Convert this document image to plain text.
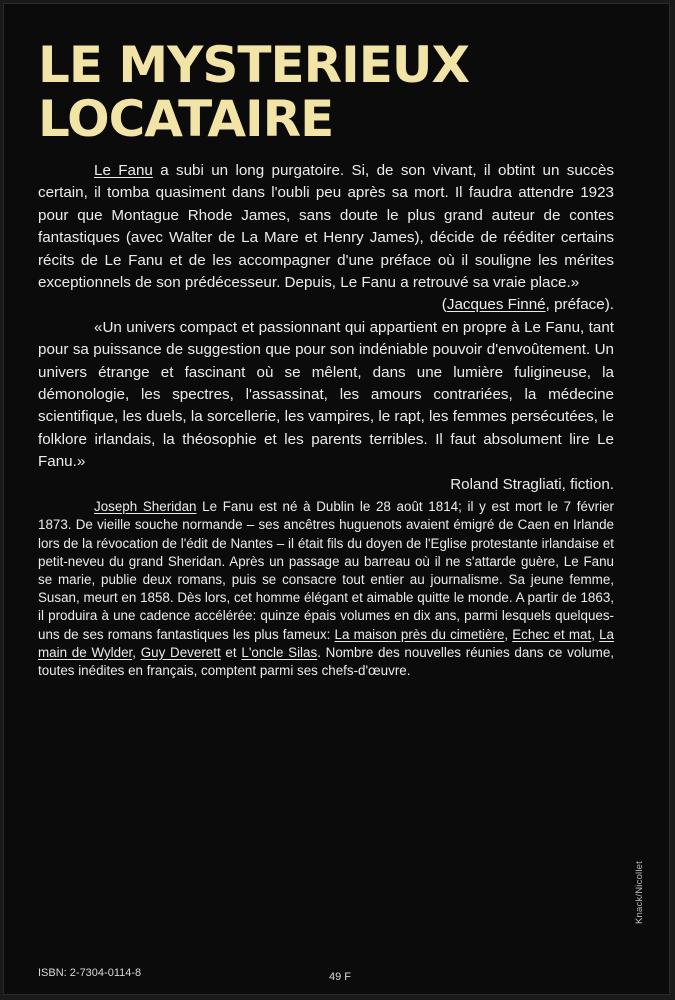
LE MYSTERIEUX
LOCATAIRE

Le Fanu a subi un long purgatoire. Si, de son vivant, il obtint un succès certain, il tomba quasiment dans l'oubli peu après sa mort. Il faudra attendre 1923 pour que Montague Rhode James, sans doute le plus grand auteur de contes fantastiques (avec Walter de La Mare et Henry James), décide de rééditer certains récits de Le Fanu et de les accompagner d'une préface où il souligne les mérites exceptionnels de son prédécesseur. Depuis, Le Fanu a retrouvé sa vraie place.»

(Jacques Finné, préface).

«Un univers compact et passionnant qui appartient en propre à Le Fanu, tant pour sa puissance de suggestion que pour son indéniable pouvoir d'envoûtement. Un univers étrange et fascinant où se mêlent, dans une lumière fuligineuse, la démonologie, les spectres, l'assassinat, les amours contrariées, la médecine scientifique, les duels, la sorcellerie, les vampires, le rapt, les femmes persécutées, le folklore irlandais, la théosophie et les parents terribles. Il faut absolument lire Le Fanu.»

Roland Stragliati, fiction.

Joseph Sheridan Le Fanu est né à Dublin le 28 août 1814; il y est mort le 7 février 1873. De vieille souche normande – ses ancêtres huguenots avaient émigré de Caen en Irlande lors de la révocation de l'édit de Nantes – il était fils du doyen de l'Eglise protestante irlandaise et petit-neveu du grand Sheridan. Après un passage au barreau où il ne s'attarde guère, Le Fanu se marie, publie deux romans, puis se consacre tout entier au journalisme. Sa jeune femme, Susan, meurt en 1858. Dès lors, cet homme élégant et aimable quitte le monde. A partir de 1863, il produira à une cadence accélérée: quinze épais volumes en dix ans, parmi lesquels quelques-uns de ses romans fantastiques les plus fameux: La maison près du cimetière, Echec et mat, La main de Wylder, Guy Deverett et L'oncle Silas. Nombre des nouvelles réunies dans ce volume, toutes inédites en français, comptent parmi ses chefs-d'œuvre.

Knack/Nicollet
ISBN: 2-7304-0114-8	49 F
